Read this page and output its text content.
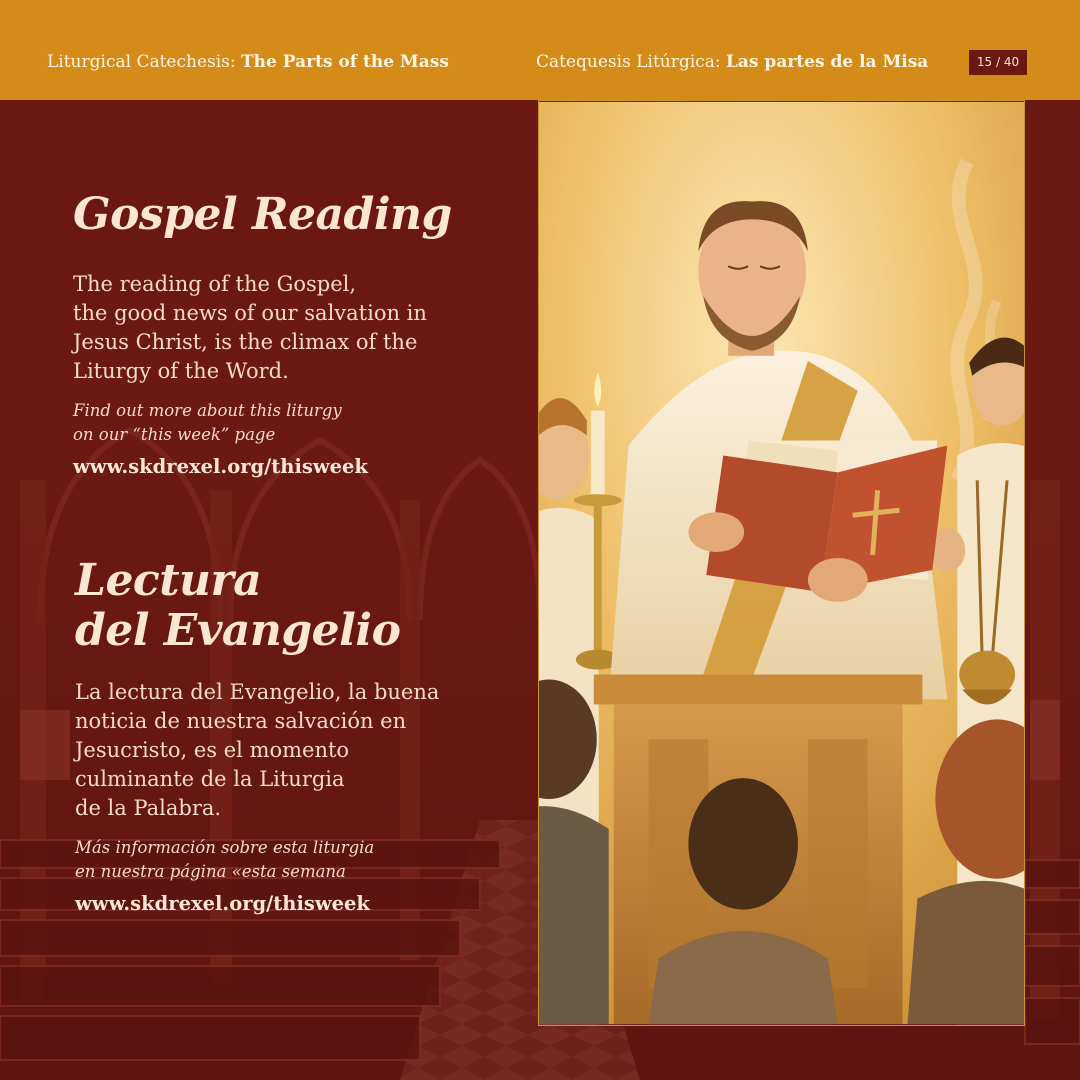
Liturgical Catechesis: The Parts of the Mass	Catequesis Litúrgica: Las partes de la Misa	15 / 40
Gospel Reading
The reading of the Gospel,
the good news of our salvation in
Jesus Christ, is the climax of the
Liturgy of the Word.
Find out more about this liturgy
on our “this week” page
www.skdrexel.org/thisweek
Lectura
del Evangelio
La lectura del Evangelio, la buena
noticia de nuestra salvación en
Jesucristo, es el momento
culminante de la Liturgia
de la Palabra.
Más información sobre esta liturgia
en nuestra página «esta semana
www.skdrexel.org/thisweek
